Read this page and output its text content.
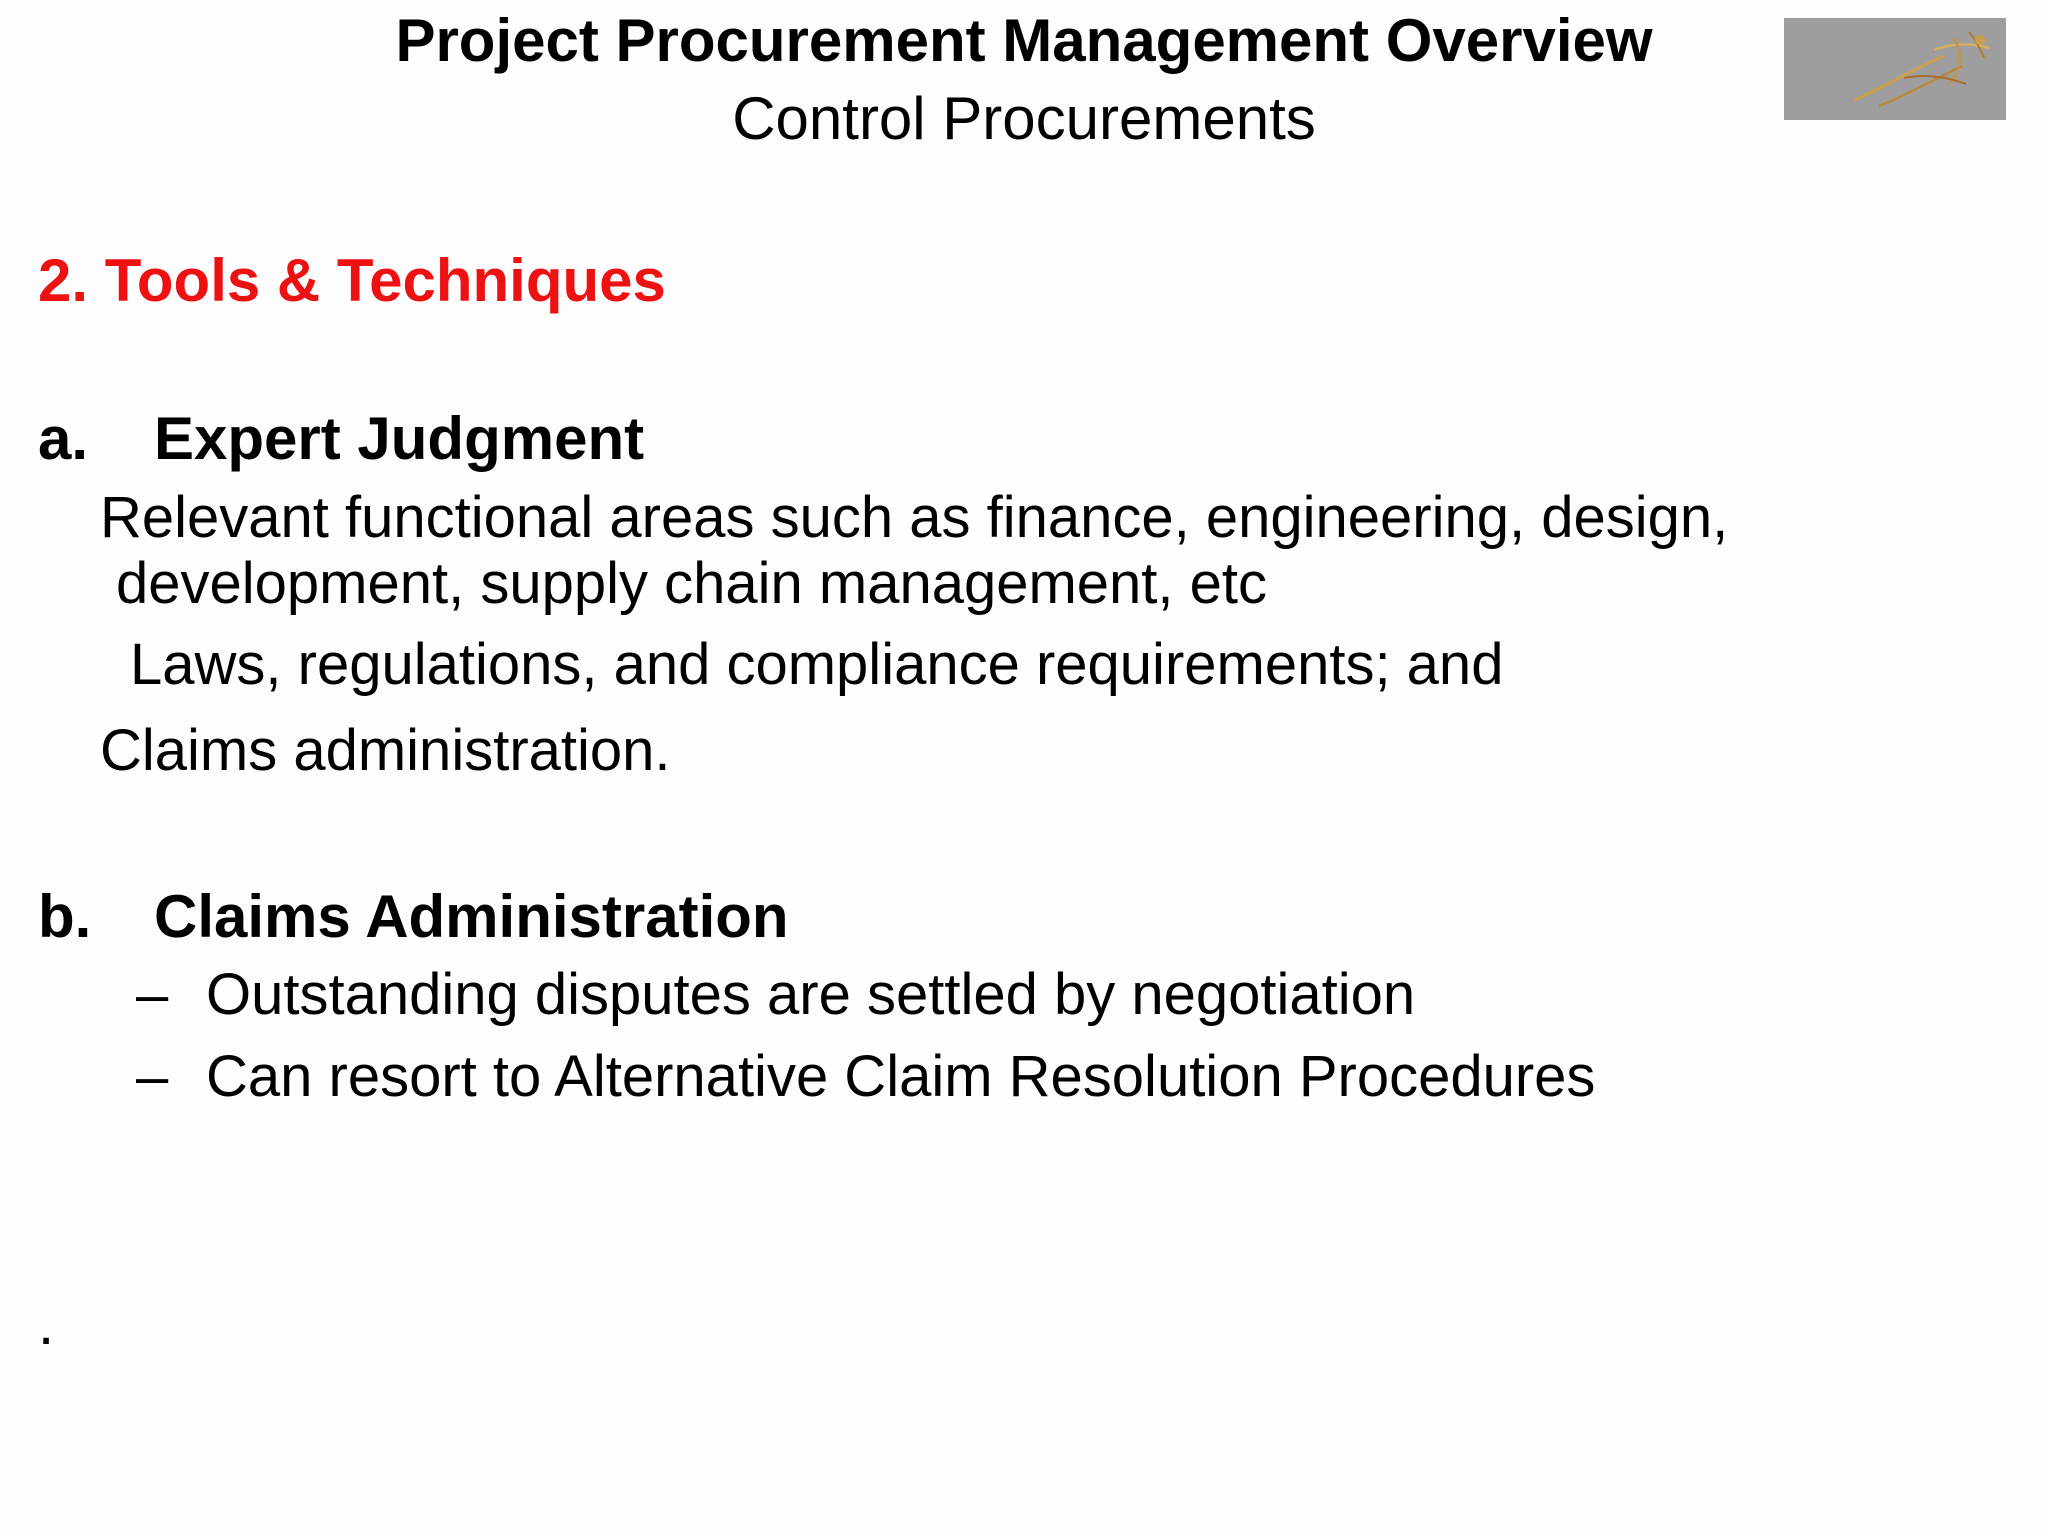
Project Procurement Management Overview
Control Procurements
2. Tools & Techniques
a. Expert Judgment
Relevant functional areas such as finance, engineering, design,
development, supply chain management, etc
Laws, regulations, and compliance requirements; and
Claims administration.
b. Claims Administration
– Outstanding disputes are settled by negotiation
– Can resort to Alternative Claim Resolution Procedures
.
